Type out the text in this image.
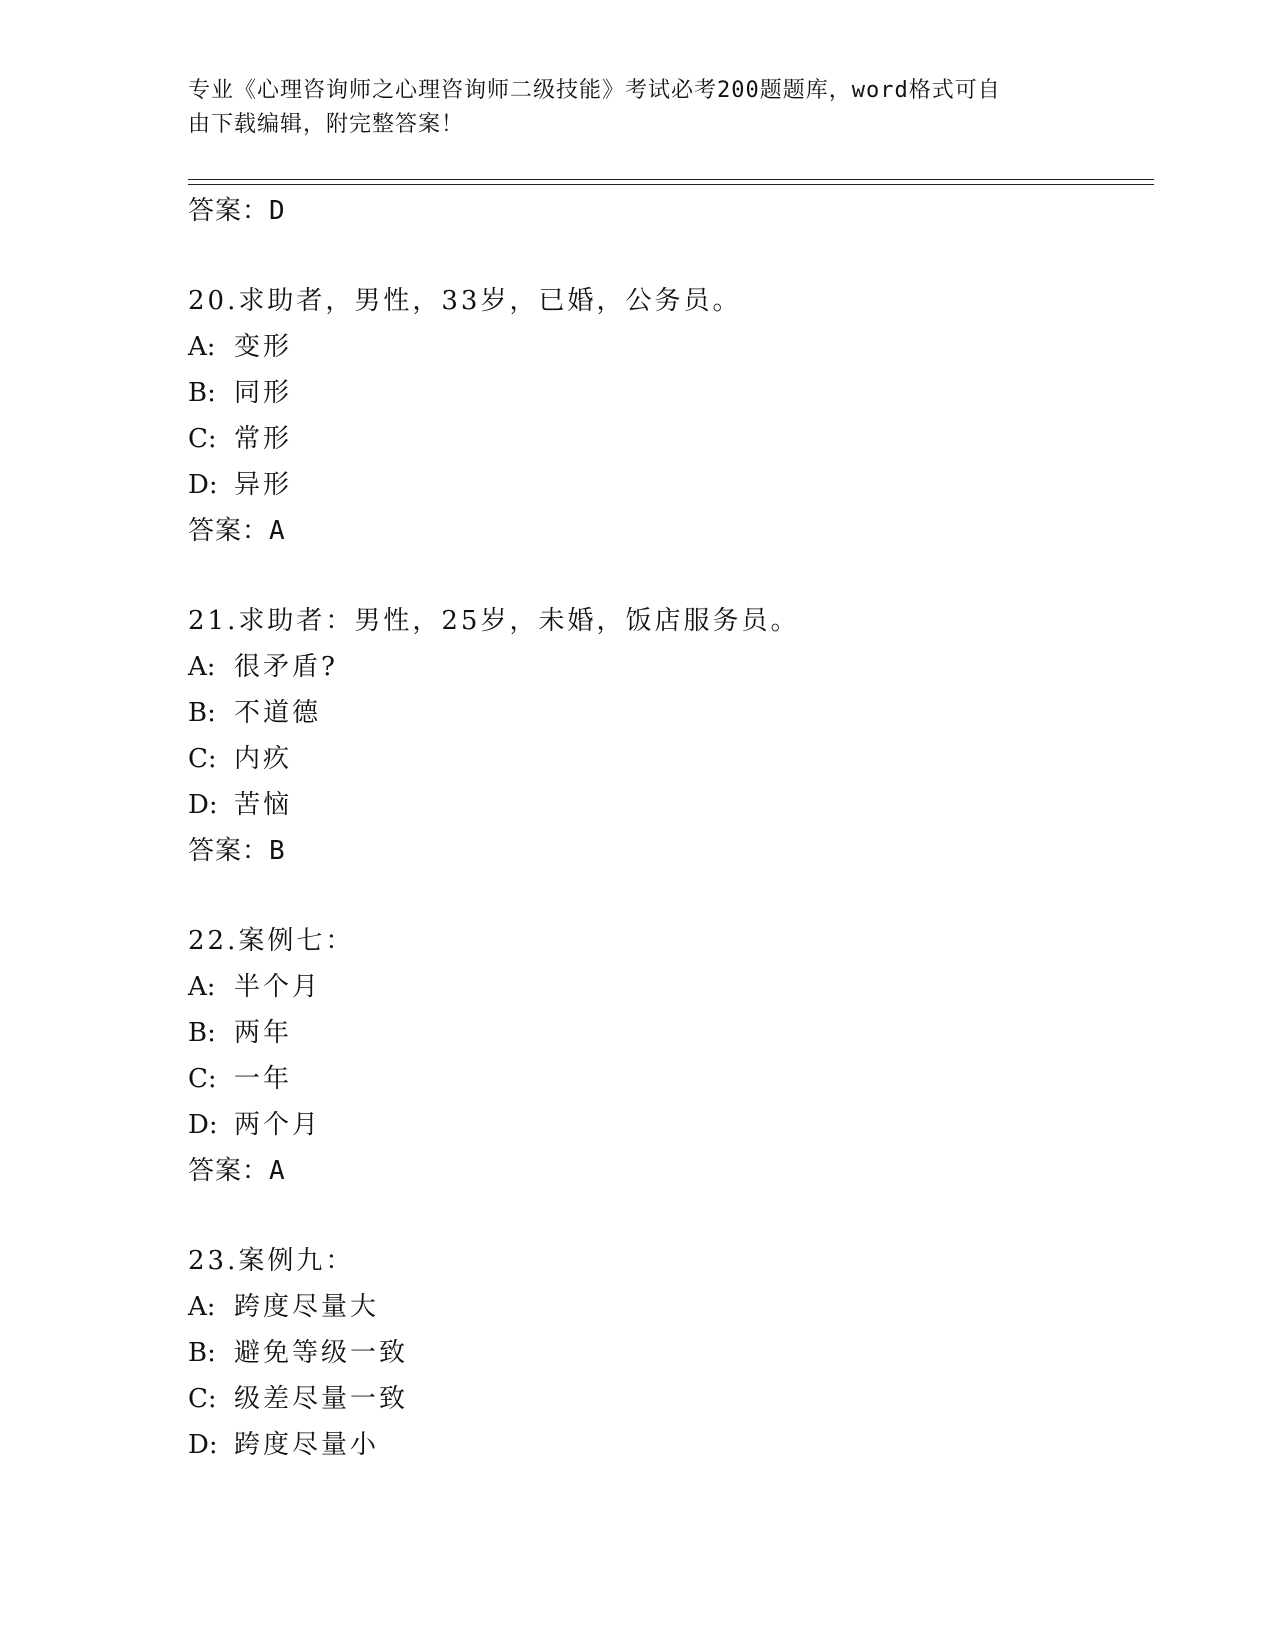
专业《心理咨询师之心理咨询师二级技能》考试必考200题题库，word格式可自
由下载编辑，附完整答案！
答案：D
20.求助者，男性，33岁，已婚，公务员。
A: 变形
B: 同形
C: 常形
D: 异形
答案：A
21.求助者：男性，25岁，未婚，饭店服务员。
A: 很矛盾?
B: 不道德
C: 内疚
D: 苦恼
答案：B
22.案例七：
A: 半个月
B: 两年
C: 一年
D: 两个月
答案：A
23.案例九：
A: 跨度尽量大
B: 避免等级一致
C: 级差尽量一致
D: 跨度尽量小
